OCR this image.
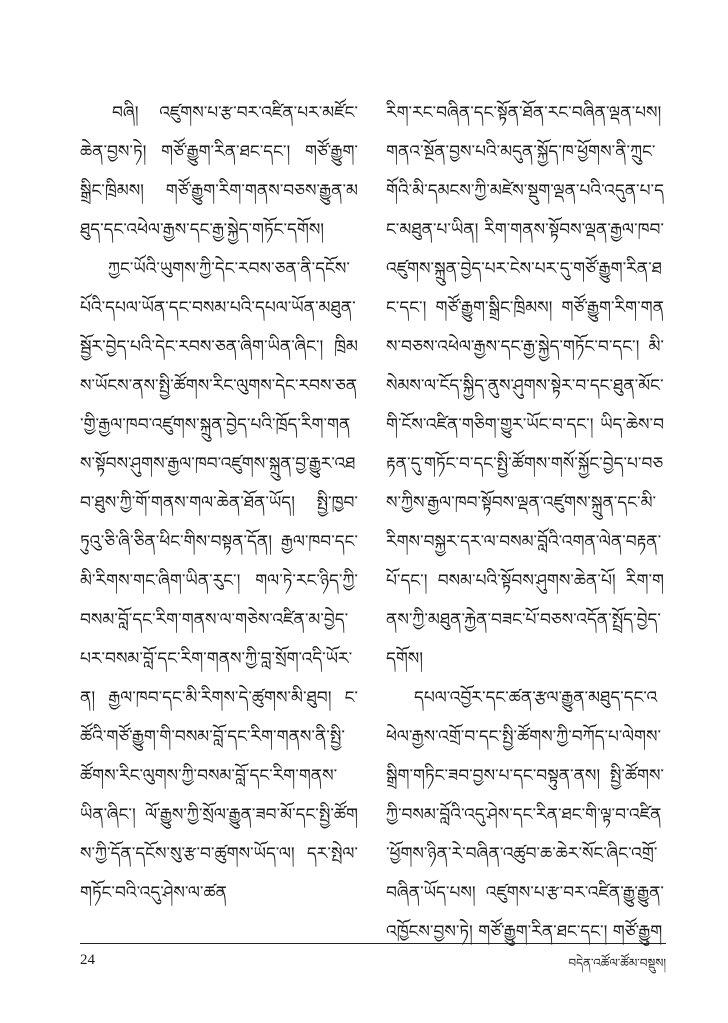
བཞི། འཛུགས་པ་རྩ་བར་འཛིན་པར་མཛོང་ཆེན་བྱས་ཏེ། གཙོ་རྒྱུག་རིན་ཐང་དང་། གཙོ་རྒྱུག་སྒྲིང་ཁྲིམས། གཙོ་རྒྱུག་རིག་གནས་བཅས་རྒྱུན་མཐུད་དང་འཕེལ་རྒྱས་དང་རྒྱ་སྐྱེད་གཏོང་དགོས།

ཀྱང་ཡོའི་ཡུགས་ཀྱི་དེང་རབས་ཅན་ནི་དངོས་པོའི་དཔལ་ཡོན་དང་བསམ་པའི་དཔལ་ཡོན་མཐུན་སྦྱོར་བྱེད་པའི་དེང་རབས་ཅན་ཞིག་ཡིན་ཞིང་། ཁྲིམས་ཡོངས་ནས་སྤྱི་ཚོགས་རིང་ལུགས་དེང་རབས་ཅན་གྱི་རྒྱལ་ཁབ་འཛུགས་སྐྲུན་བྱེད་པའི་ཁྲོད་རིག་གནས་སྟོབས་ཤུགས་རྒྱལ་ཁབ་འཛུགས་སྐྲུན་བྱ་རྒྱུར་འཐབ་ཐུས་ཀྱི་གོ་གནས་གལ་ཆེན་ཐོན་ཡོད། སྤྱི་ཁྱབ་ཏུའུ་ཅི་ཞི་ཅིན་ཕིང་གིས་བསྟན་དོན། རྒྱལ་ཁབ་དང་མི་རིགས་གང་ཞིག་ཡིན་རུང་། གལ་ཏེ་རང་ཉིད་ཀྱི་བསམ་བློ་དང་རིག་གནས་ལ་གཅེས་འཛིན་མ་བྱེད་པར་བསམ་བློ་དང་རིག་གནས་ཀྱི་བླ་སྲོག་འདི་ཡོར་ན། རྒྱལ་ཁབ་དང་མི་རིགས་དེ་ཚུགས་མི་ཐུབ། ང་ཚོའི་གཙོ་རྒྱུག་གི་བསམ་བློ་དང་རིག་གནས་ནི་སྤྱི་ཚོགས་རིང་ལུགས་ཀྱི་བསམ་བློ་དང་རིག་གནས་ཡིན་ཞིང་། ལོ་རྒྱུས་ཀྱི་སྲོལ་རྒྱུན་ཟབ་མོ་དང་སྤྱི་ཚོགས་ཀྱི་དོན་དངོས་སུ་རྩ་བ་ཚུགས་ཡོད་ལ། དར་སྤེལ་གཏོང་བའི་འདུ་ཤེས་ལ་ཚན

རིག་རང་བཞིན་དང་སྟོན་ཐོན་རང་བཞིན་ལྡན་པས། གནའ་སྔོན་བྱས་པའི་མདུན་སྐྱོད་ཁ་ཕྱོགས་ནི་ཀྲུང་གོའི་མི་དམངས་ཀྱི་མཛེས་སྡུག་ལྡན་པའི་འདུན་པ་དང་མཐུན་པ་ཡིན། རིག་གནས་སྟོབས་ལྡན་རྒྱལ་ཁབ་འཛུགས་སྐྲུན་བྱེད་པར་ངེས་པར་དུ་གཙོ་རྒྱུག་རིན་ཐང་དང་། གཙོ་རྒྱུག་སྒྲིང་ཁྲིམས། གཙོ་རྒྱུག་རིག་གནས་བཅས་འཕེལ་རྒྱས་དང་རྒྱ་སྐྱེད་གཏོང་བ་དང་། མི་སེམས་ལ་ངོད་སྐྱིད་ནུས་ཤུགས་སྟེར་བ་དང་ཐུན་མོང་གི་ངོས་འཛིན་གཅིག་གྱུར་ཡོང་བ་དང་། ཡིད་ཆེས་བརྟན་དུ་གཏོང་བ་དང་སྤྱི་ཚོགས་གསོ་སྐྱོང་བྱེད་པ་བཅས་ཀྱིས་རྒྱལ་ཁབ་སྟོབས་ལྡན་འཛུགས་སྐྲུན་དང་མི་རིགས་བསྐྱར་དར་ལ་བསམ་བློའི་འགན་ལེན་བརྟན་པོ་དང་། བསམ་པའི་སྟོབས་ཤུགས་ཆེན་པོ། རིག་གནས་ཀྱི་མཐུན་རྐྱེན་བཟང་པོ་བཅས་འདོན་སྤྲོད་བྱེད་དགོས།

དཔལ་འབྱོར་དང་ཚན་རྩལ་རྒྱུན་མཐུད་དང་འཕེལ་རྒྱས་འགྲོ་བ་དང་སྤྱི་ཚོགས་ཀྱི་བཀོད་པ་ལེགས་སྒྲིག་གཏིང་ཟབ་བྱས་པ་དང་བསྟུན་ནས། སྤྱི་ཚོགས་ཀྱི་བསམ་བློའི་འདུ་ཤེས་དང་རིན་ཐང་གི་ལྟ་བ་འཛིན་ཕྱོགས་ཉིན་རེ་བཞིན་འཚུབ་ཆ་ཆེར་སོང་ཞིང་འགྲོ་བཞིན་ཡོད་པས། འཛུགས་པ་རྩ་བར་འཛིན་རྒྱུ་རྒྱུན་འཁྱོངས་བྱས་ཏེ། གཙོ་རྒྱུག་རིན་ཐང་དང་། གཙོ་རྒྱུག

24	བདེན་འཚོལ་ཚོམ་བསྡུས།
